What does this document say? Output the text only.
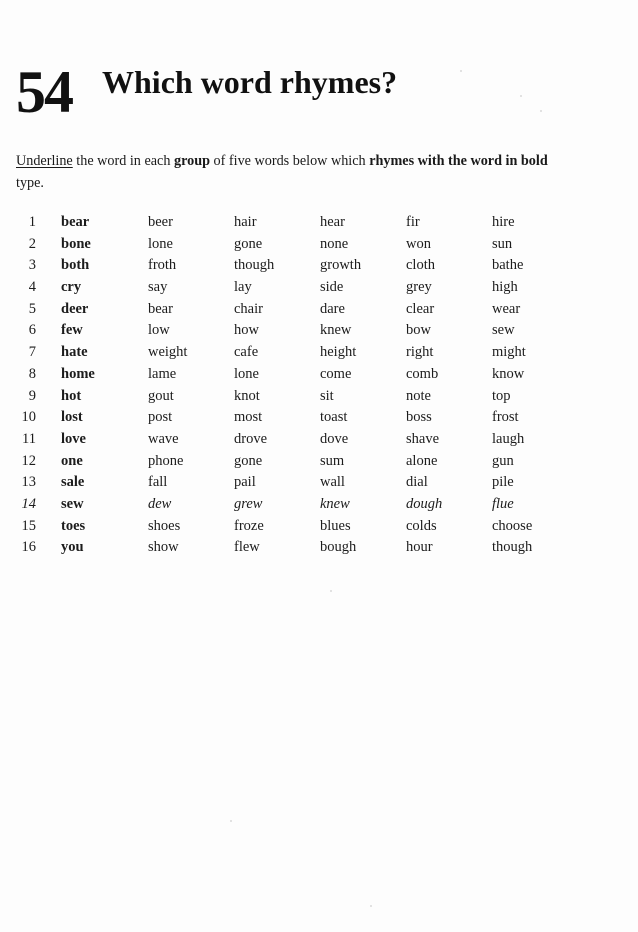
54 Which word rhymes?
Underline the word in each group of five words below which rhymes with the word in bold type.
1 bear	beer	hair	hear	fir	hire
2 bone	lone	gone	none	won	sun
3 both	froth	though	growth	cloth	bathe
4 cry	say	lay	side	grey	high
5 deer	bear	chair	dare	clear	wear
6 few	low	how	knew	bow	sew
7 hate	weight	cafe	height	right	might
8 home	lame	lone	come	comb	know
9 hot	gout	knot	sit	note	top
10 lost	post	most	toast	boss	frost
11 love	wave	drove	dove	shave	laugh
12 one	phone	gone	sum	alone	gun
13 sale	fall	pail	wall	dial	pile
14 sew	dew	grew	knew	dough	flue
15 toes	shoes	froze	blues	colds	choose
16 you	show	flew	bough	hour	though
